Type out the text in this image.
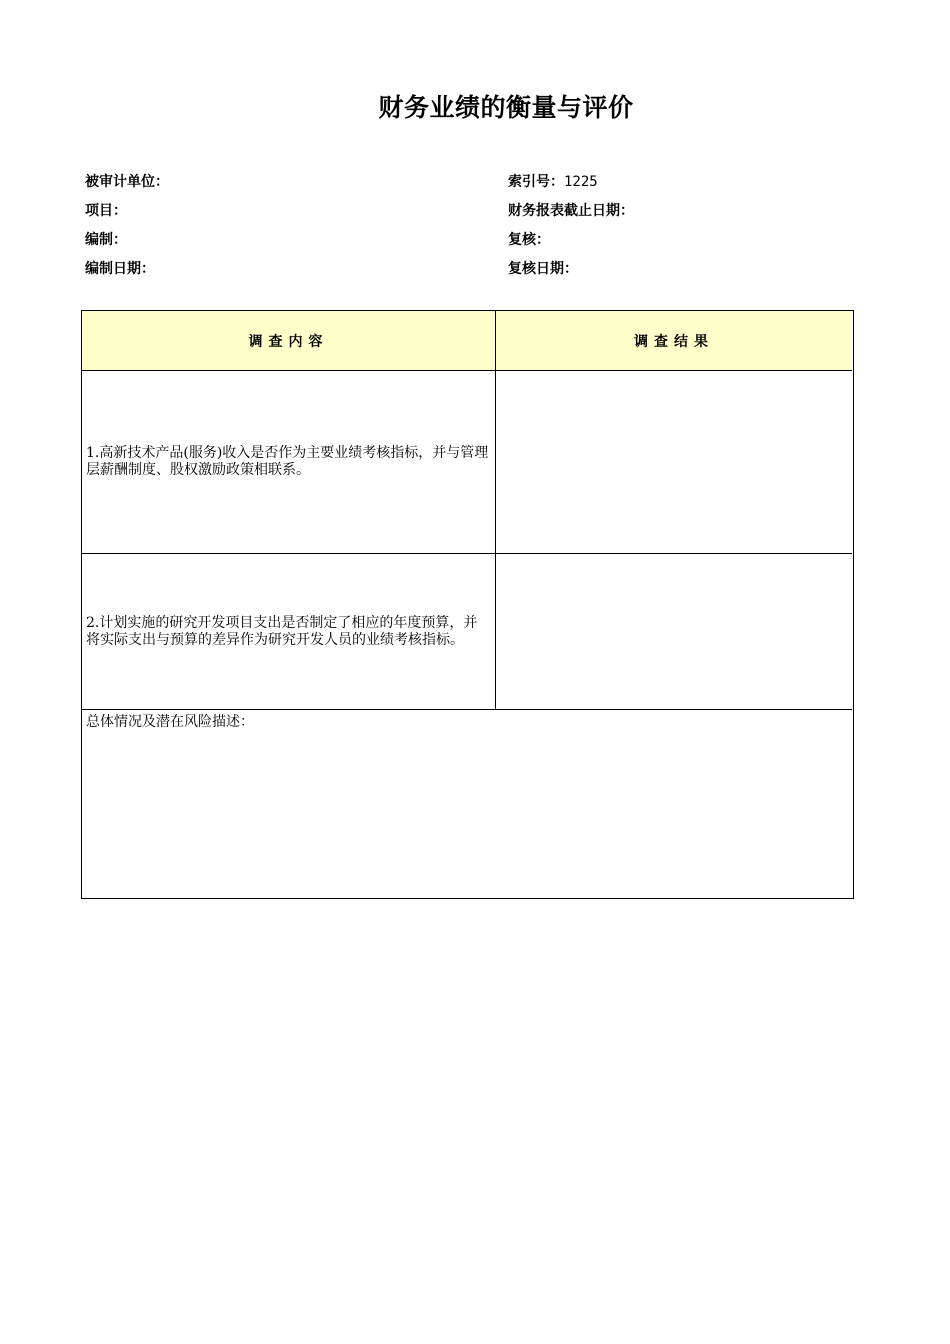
财务业绩的衡量与评价
被审计单位：	索引号：1225
项目：	财务报表截止日期：
编制：	复核：
编制日期：	复核日期：
调查内容	调查结果
1.高新技术产品(服务)收入是否作为主要业绩考核指标，并与管理层薪酬制度、股权激励政策相联系。
2.计划实施的研究开发项目支出是否制定了相应的年度预算，并将实际支出与预算的差异作为研究开发人员的业绩考核指标。
总体情况及潜在风险描述：
